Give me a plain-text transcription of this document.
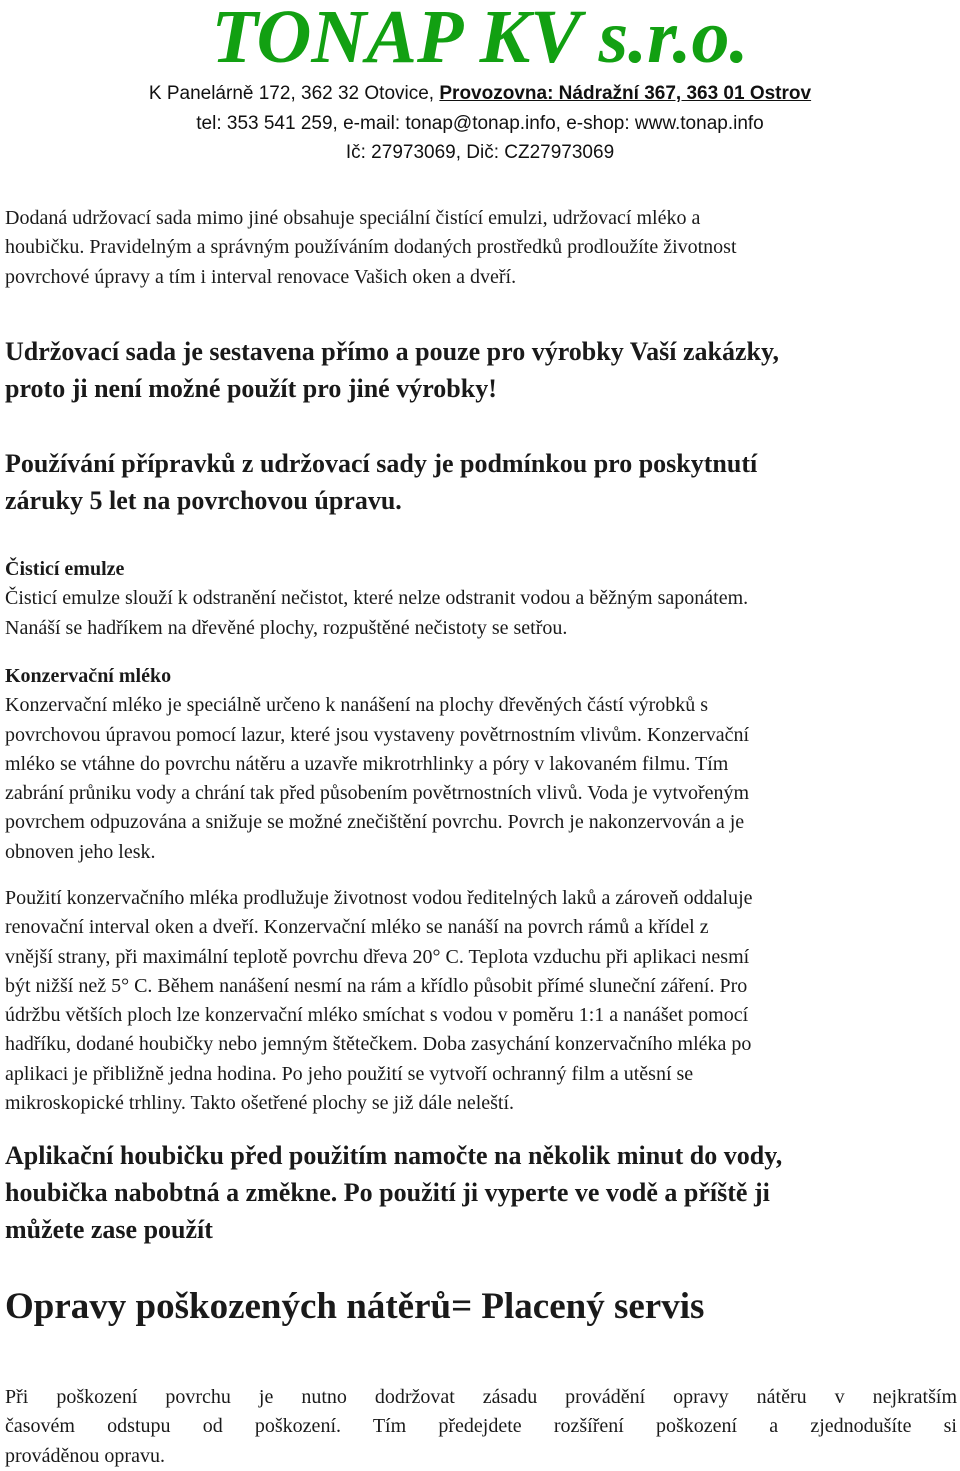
TONAP KV s.r.o.
K Panelárně 172, 362 32 Otovice, Provozovna: Nádražní 367, 363 01 Ostrov
tel: 353 541 259, e-mail: tonap@tonap.info, e-shop: www.tonap.info
Ič: 27973069, Dič: CZ27973069

Dodaná udržovací sada mimo jiné obsahuje speciální čistící emulzi, udržovací mléko a

houbičku. Pravidelným a správným používáním dodaných prostředků prodloužíte životnost

povrchové úpravy a tím i interval renovace Vašich oken a dveří.

Udržovací sada je sestavena přímo a pouze pro výrobky Vaší zakázky,

proto ji není možné použít pro jiné výrobky!

Používání přípravků z udržovací sady je podmínkou pro poskytnutí

záruky 5 let na povrchovou úpravu.

Čisticí emulze

Čisticí emulze slouží k odstranění nečistot, které nelze odstranit vodou a běžným saponátem.

Nanáší se hadříkem na dřevěné plochy, rozpuštěné nečistoty se setřou.

Konzervační mléko

Konzervační mléko je speciálně určeno k nanášení na plochy dřevěných částí výrobků s

povrchovou úpravou pomocí lazur, které jsou vystaveny povětrnostním vlivům. Konzervační

mléko se vtáhne do povrchu nátěru a uzavře mikrotrhlinky a póry v lakovaném filmu. Tím

zabrání průniku vody a chrání tak před působením povětrnostních vlivů. Voda je vytvořeným

povrchem odpuzována a snižuje se možné znečištění povrchu. Povrch je nakonzervován a je

obnoven jeho lesk.

Použití konzervačního mléka prodlužuje životnost vodou ředitelných laků a zároveň oddaluje

renovační interval oken a dveří. Konzervační mléko se nanáší na povrch rámů a křídel z

vnější strany, při maximální teplotě povrchu dřeva 20° C. Teplota vzduchu při aplikaci nesmí

být nižší než 5° C. Během nanášení nesmí na rám a křídlo působit přímé sluneční záření. Pro

údržbu větších ploch lze konzervační mléko smíchat s vodou v poměru 1:1 a nanášet pomocí

hadříku, dodané houbičky nebo jemným štětečkem. Doba zasychání konzervačního mléka po

aplikaci je přibližně jedna hodina. Po jeho použití se vytvoří ochranný film a utěsní se

mikroskopické trhliny. Takto ošetřené plochy se již dále neleští.

Aplikační houbičku před použitím namočte na několik minut do vody,

houbička nabobtná a změkne. Po použití ji vyperte ve vodě a příště ji

můžete zase použít

Opravy poškozených nátěrů= Placený servis

Při poškození povrchu je nutno dodržovat zásadu provádění opravy nátěru v nejkratším

časovém odstupu od poškození. Tím předejdete rozšíření poškození a zjednodušíte si

prováděnou opravu.
